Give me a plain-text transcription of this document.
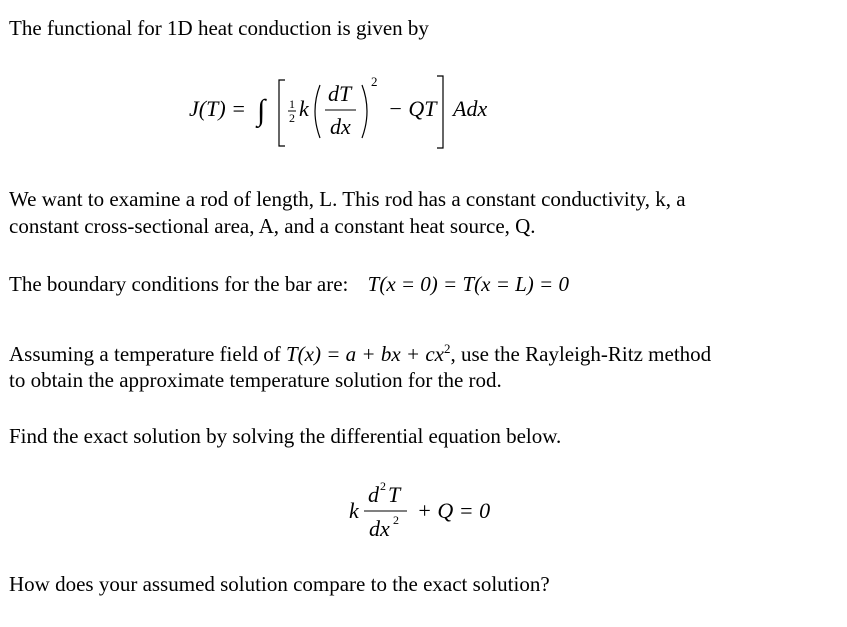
The functional for 1D heat conduction is given by
J(T) = ∫ 1
2 k
dT
dx
2
− QT Adx
We want to examine a rod of length, L. This rod has a constant conductivity, k, a
constant cross-sectional area, A, and a constant heat source, Q.
The boundary conditions for the bar are: T(x = 0) = T(x = L) = 0
Assuming a temperature field of T(x) = a + bx + $cx^2$, use the Rayleigh-Ritz method
to obtain the approximate temperature solution for the rod.
Find the exact solution by solving the differential equation below.
k
d 2 T
dx 2 + Q = 0
How does your assumed solution compare to the exact solution?
